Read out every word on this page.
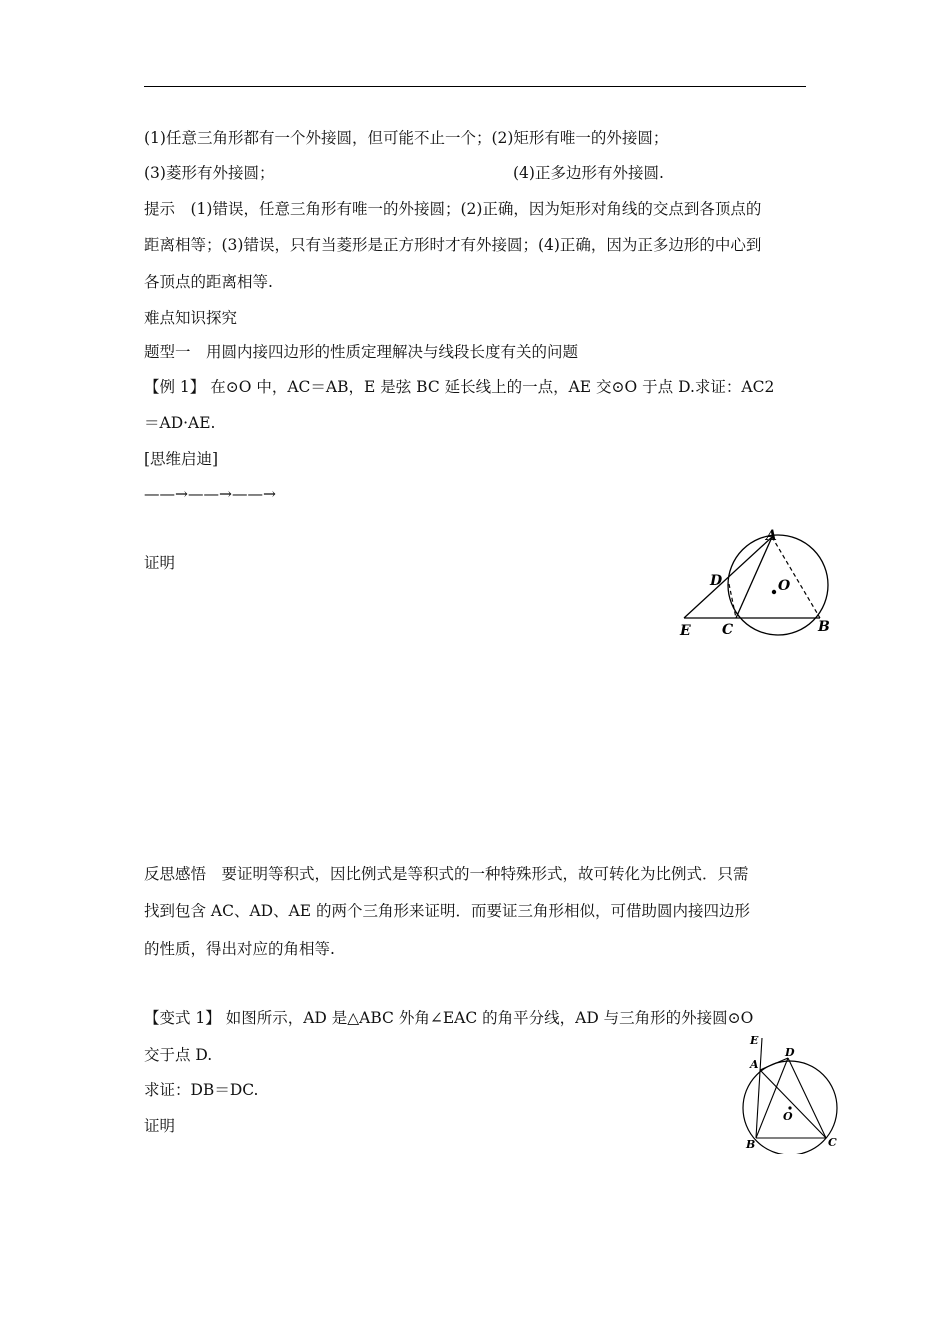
(1)任意三角形都有一个外接圆，但可能不止一个；(2)矩形有唯一的外接圆；
(3)菱形有外接圆；	(4)正多边形有外接圆.
提示　(1)错误，任意三角形有唯一的外接圆；(2)正确，因为矩形对角线的交点到各顶点的
距离相等；(3)错误，只有当菱形是正方形时才有外接圆；(4)正确，因为正多边形的中心到
各顶点的距离相等.
难点知识探究
题型一　用圆内接四边形的性质定理解决与线段长度有关的问题
【例 1】 在⊙O 中，AC＝AB，E 是弦 BC 延长线上的一点，AE 交⊙O 于点 D.求证：AC2
＝AD·AE.
[思维启迪]
——→——→——→
证明
A
D	O
E C	B
反思感悟　要证明等积式，因比例式是等积式的一种特殊形式，故可转化为比例式．只需
找到包含 AC、AD、AE 的两个三角形来证明．而要证三角形相似，可借助圆内接四边形
的性质，得出对应的角相等.
【变式 1】 如图所示，AD 是△ABC 外角∠EAC 的角平分线，AD 与三角形的外接圆⊙O
交于点 D.
求证：DB＝DC.
证明
E
A
D
O
B	C
